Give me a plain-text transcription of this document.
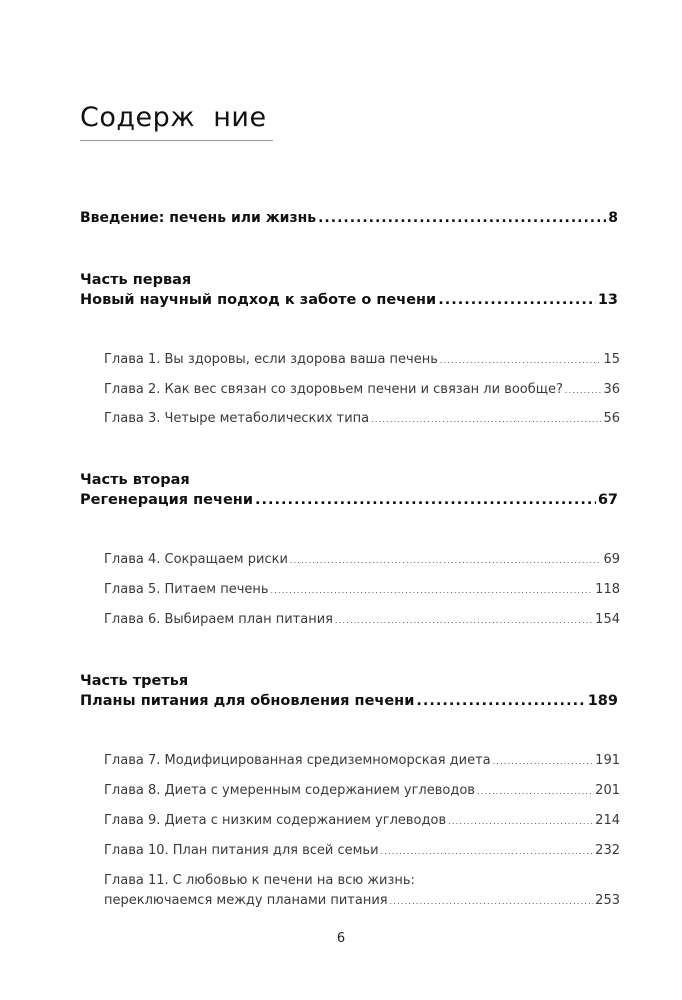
Содерж  ние
Введение: печень или жизнь .....	8
Часть первая
Новый научный подход к заботе о печени .....	13
Глава 1. Вы здоровы, если здорова ваша печень .....	15
Глава 2. Как вес связан со здоровьем печени и связан ли вообще? .....	36
Глава 3. Четыре метаболических типа .....	56
Часть вторая
Регенерация печени .....	67
Глава 4. Сокращаем риски .....	69
Глава 5. Питаем печень .....	118
Глава 6. Выбираем план питания .....	154
Часть третья
Планы питания для обновления печени .....	189
Глава 7. Модифицированная средиземноморская диета .....	191
Глава 8. Диета с умеренным содержанием углеводов .....	201
Глава 9. Диета с низким содержанием углеводов .....	214
Глава 10. План питания для всей семьи .....	232
Глава 11. С любовью к печени на всю жизнь:
переключаемся между планами питания .....	253
6
